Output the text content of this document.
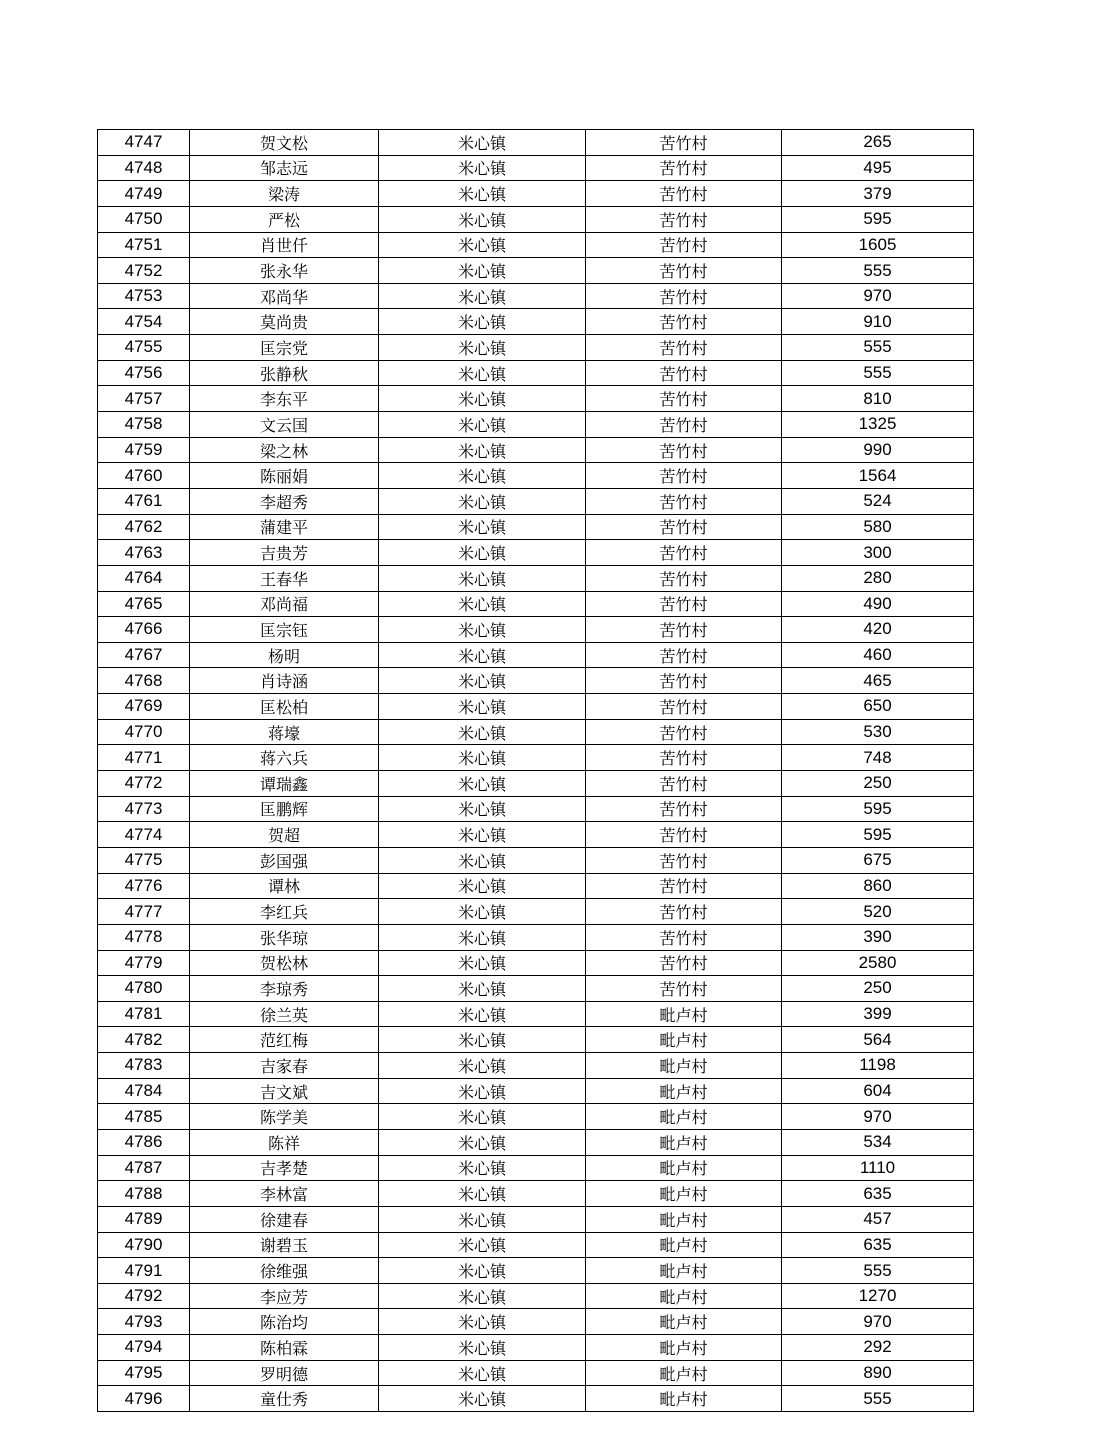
4747	贺文松	米心镇	苦竹村	265
4748	邹志远	米心镇	苦竹村	495
4749	梁涛	米心镇	苦竹村	379
4750	严松	米心镇	苦竹村	595
4751	肖世仟	米心镇	苦竹村	1605
4752	张永华	米心镇	苦竹村	555
4753	邓尚华	米心镇	苦竹村	970
4754	莫尚贵	米心镇	苦竹村	910
4755	匡宗党	米心镇	苦竹村	555
4756	张静秋	米心镇	苦竹村	555
4757	李东平	米心镇	苦竹村	810
4758	文云国	米心镇	苦竹村	1325
4759	梁之林	米心镇	苦竹村	990
4760	陈丽娟	米心镇	苦竹村	1564
4761	李超秀	米心镇	苦竹村	524
4762	蒲建平	米心镇	苦竹村	580
4763	吉贵芳	米心镇	苦竹村	300
4764	王春华	米心镇	苦竹村	280
4765	邓尚福	米心镇	苦竹村	490
4766	匡宗钰	米心镇	苦竹村	420
4767	杨明	米心镇	苦竹村	460
4768	肖诗涵	米心镇	苦竹村	465
4769	匡松柏	米心镇	苦竹村	650
4770	蒋壕	米心镇	苦竹村	530
4771	蒋六兵	米心镇	苦竹村	748
4772	谭瑞鑫	米心镇	苦竹村	250
4773	匡鹏辉	米心镇	苦竹村	595
4774	贺超	米心镇	苦竹村	595
4775	彭国强	米心镇	苦竹村	675
4776	谭林	米心镇	苦竹村	860
4777	李红兵	米心镇	苦竹村	520
4778	张华琼	米心镇	苦竹村	390
4779	贺松林	米心镇	苦竹村	2580
4780	李琼秀	米心镇	苦竹村	250
4781	徐兰英	米心镇	毗卢村	399
4782	范红梅	米心镇	毗卢村	564
4783	吉家春	米心镇	毗卢村	1198
4784	吉文斌	米心镇	毗卢村	604
4785	陈学美	米心镇	毗卢村	970
4786	陈祥	米心镇	毗卢村	534
4787	吉孝楚	米心镇	毗卢村	1110
4788	李林富	米心镇	毗卢村	635
4789	徐建春	米心镇	毗卢村	457
4790	谢碧玉	米心镇	毗卢村	635
4791	徐维强	米心镇	毗卢村	555
4792	李应芳	米心镇	毗卢村	1270
4793	陈治均	米心镇	毗卢村	970
4794	陈柏霖	米心镇	毗卢村	292
4795	罗明德	米心镇	毗卢村	890
4796	童仕秀	米心镇	毗卢村	555
